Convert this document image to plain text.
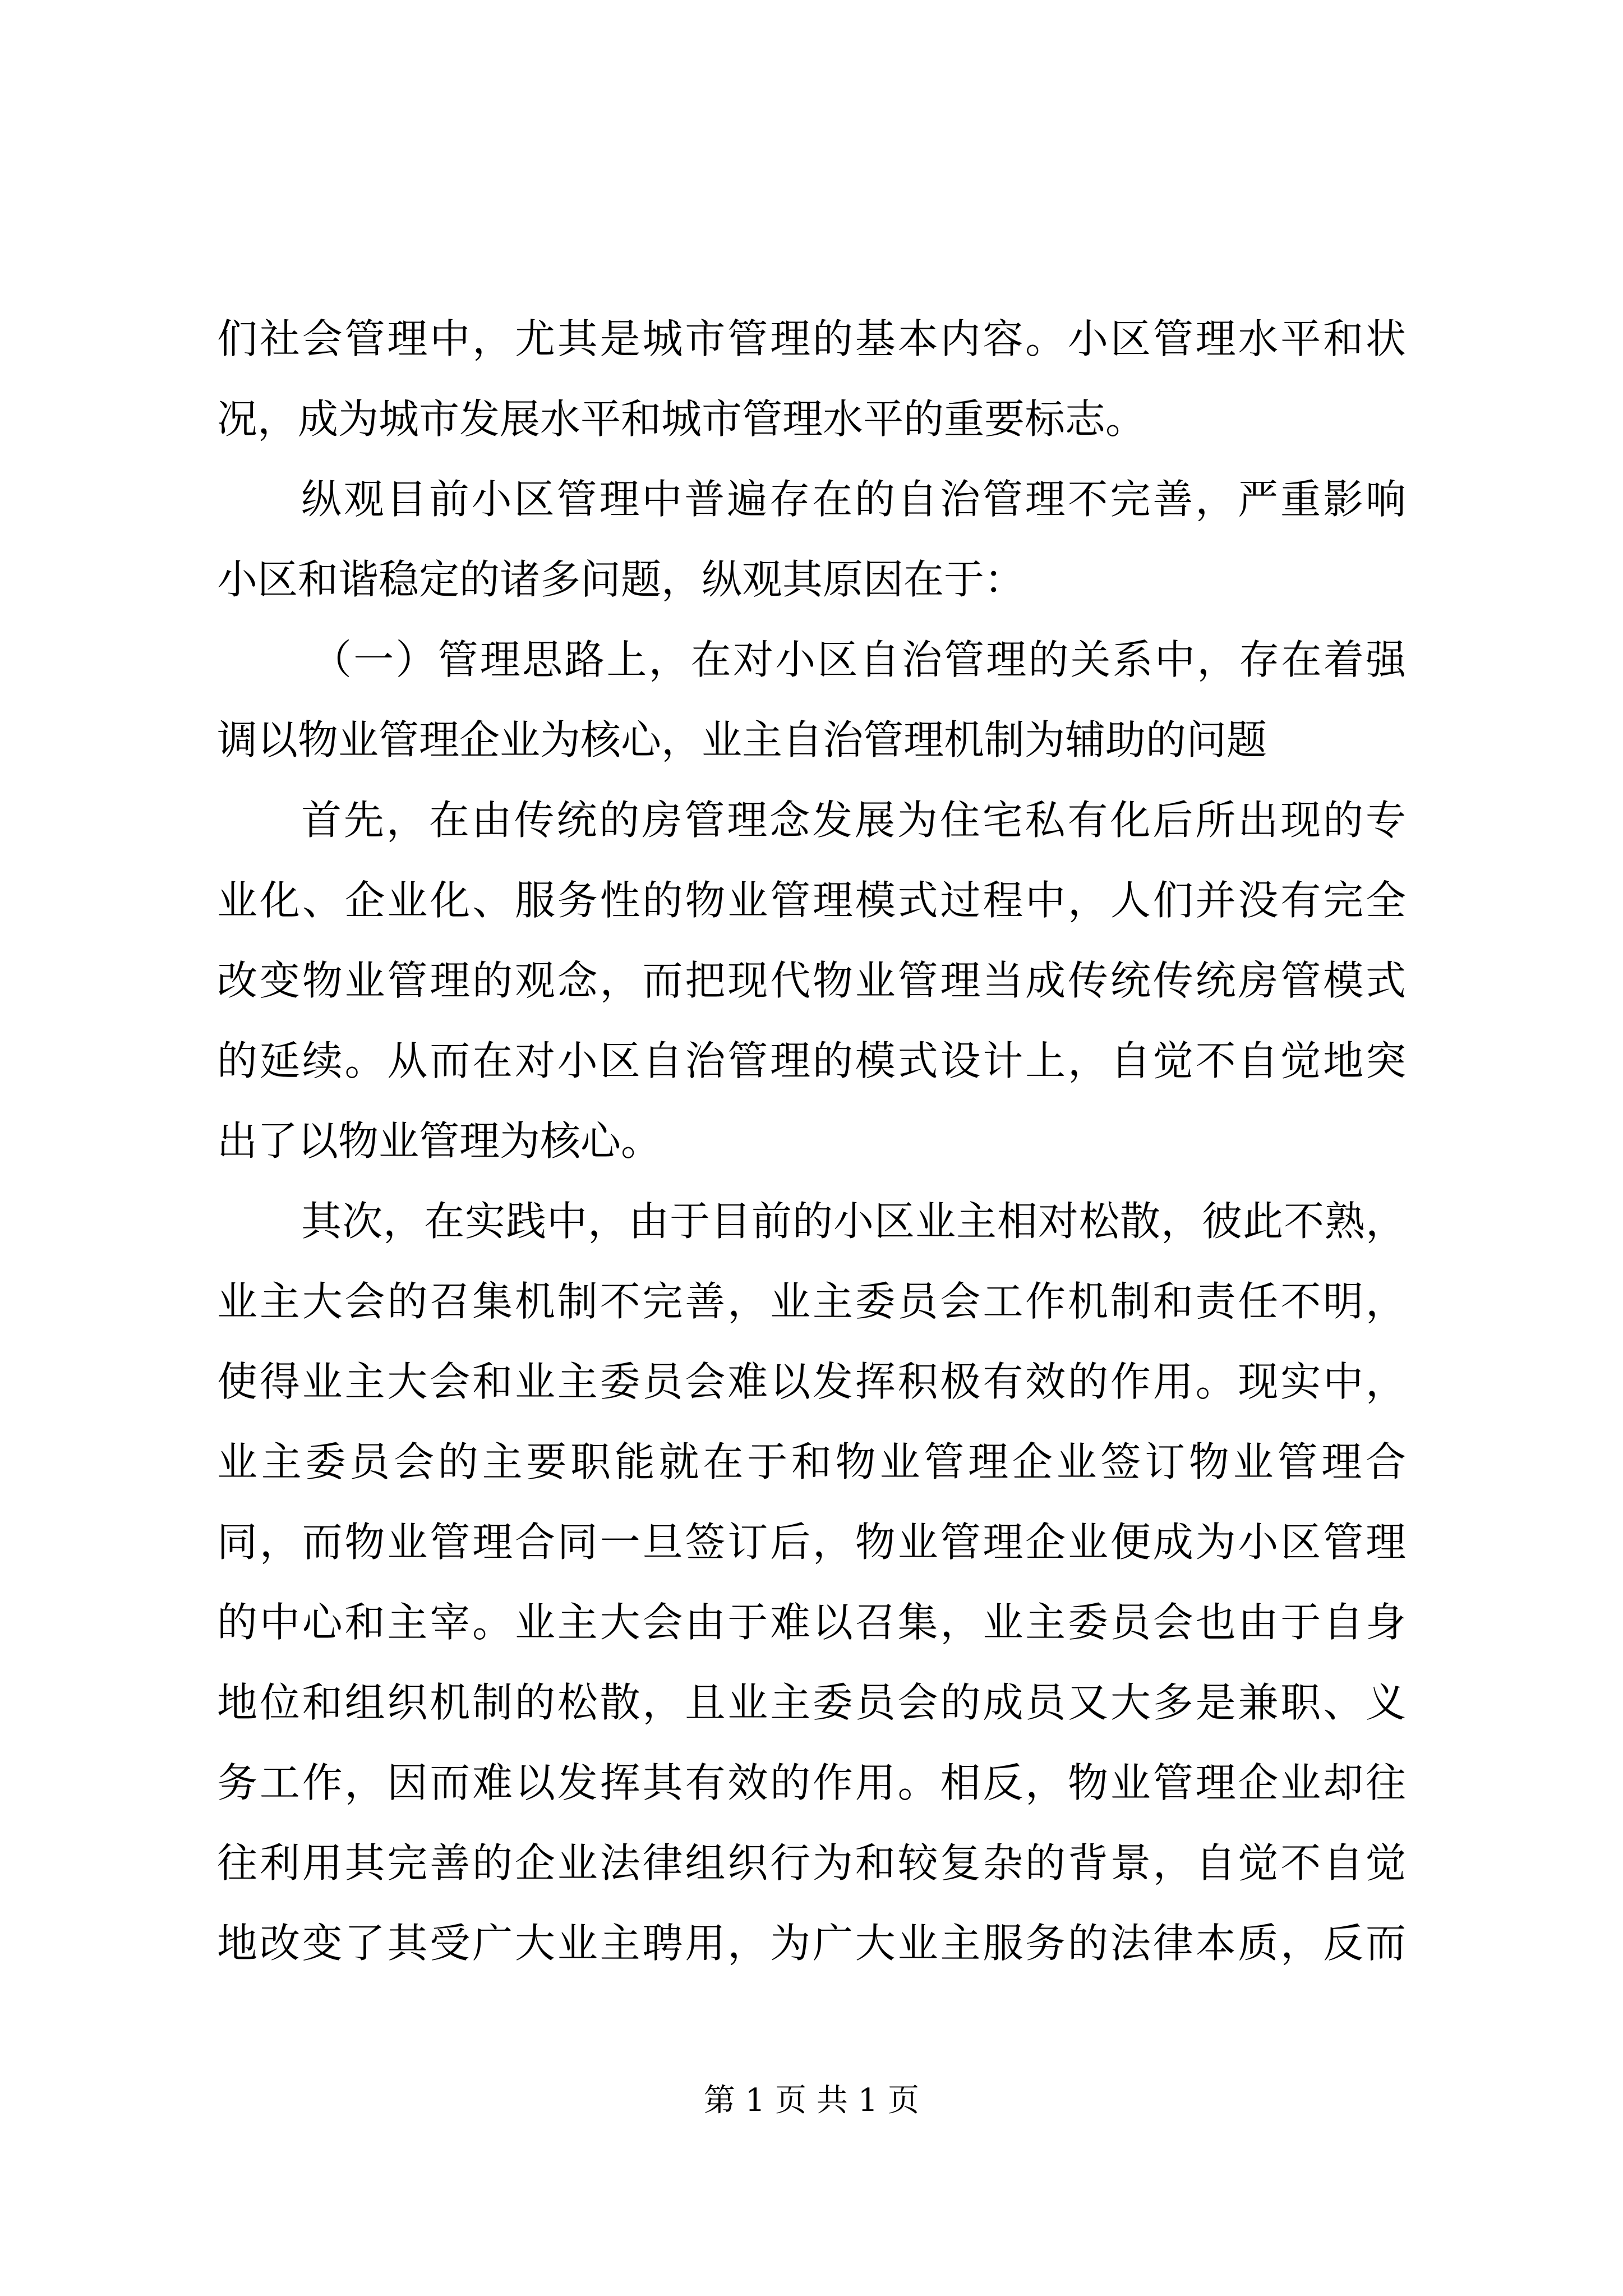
们社会管理中，尤其是城市管理的基本内容。小区管理水平和状
况，成为城市发展水平和城市管理水平的重要标志。
纵观目前小区管理中普遍存在的自治管理不完善，严重影响
小区和谐稳定的诸多问题，纵观其原因在于：
（一）管理思路上，在对小区自治管理的关系中，存在着强
调以物业管理企业为核心，业主自治管理机制为辅助的问题
首先，在由传统的房管理念发展为住宅私有化后所出现的专
业化、企业化、服务性的物业管理模式过程中，人们并没有完全
改变物业管理的观念，而把现代物业管理当成传统传统房管模式
的延续。从而在对小区自治管理的模式设计上，自觉不自觉地突
出了以物业管理为核心。
其次，在实践中，由于目前的小区业主相对松散，彼此不熟，
业主大会的召集机制不完善，业主委员会工作机制和责任不明，
使得业主大会和业主委员会难以发挥积极有效的作用。现实中，
业主委员会的主要职能就在于和物业管理企业签订物业管理合
同，而物业管理合同一旦签订后，物业管理企业便成为小区管理
的中心和主宰。业主大会由于难以召集，业主委员会也由于自身
地位和组织机制的松散，且业主委员会的成员又大多是兼职、义
务工作，因而难以发挥其有效的作用。相反，物业管理企业却往
往利用其完善的企业法律组织行为和较复杂的背景，自觉不自觉
地改变了其受广大业主聘用，为广大业主服务的法律本质，反而
第 1 页 共 1 页
